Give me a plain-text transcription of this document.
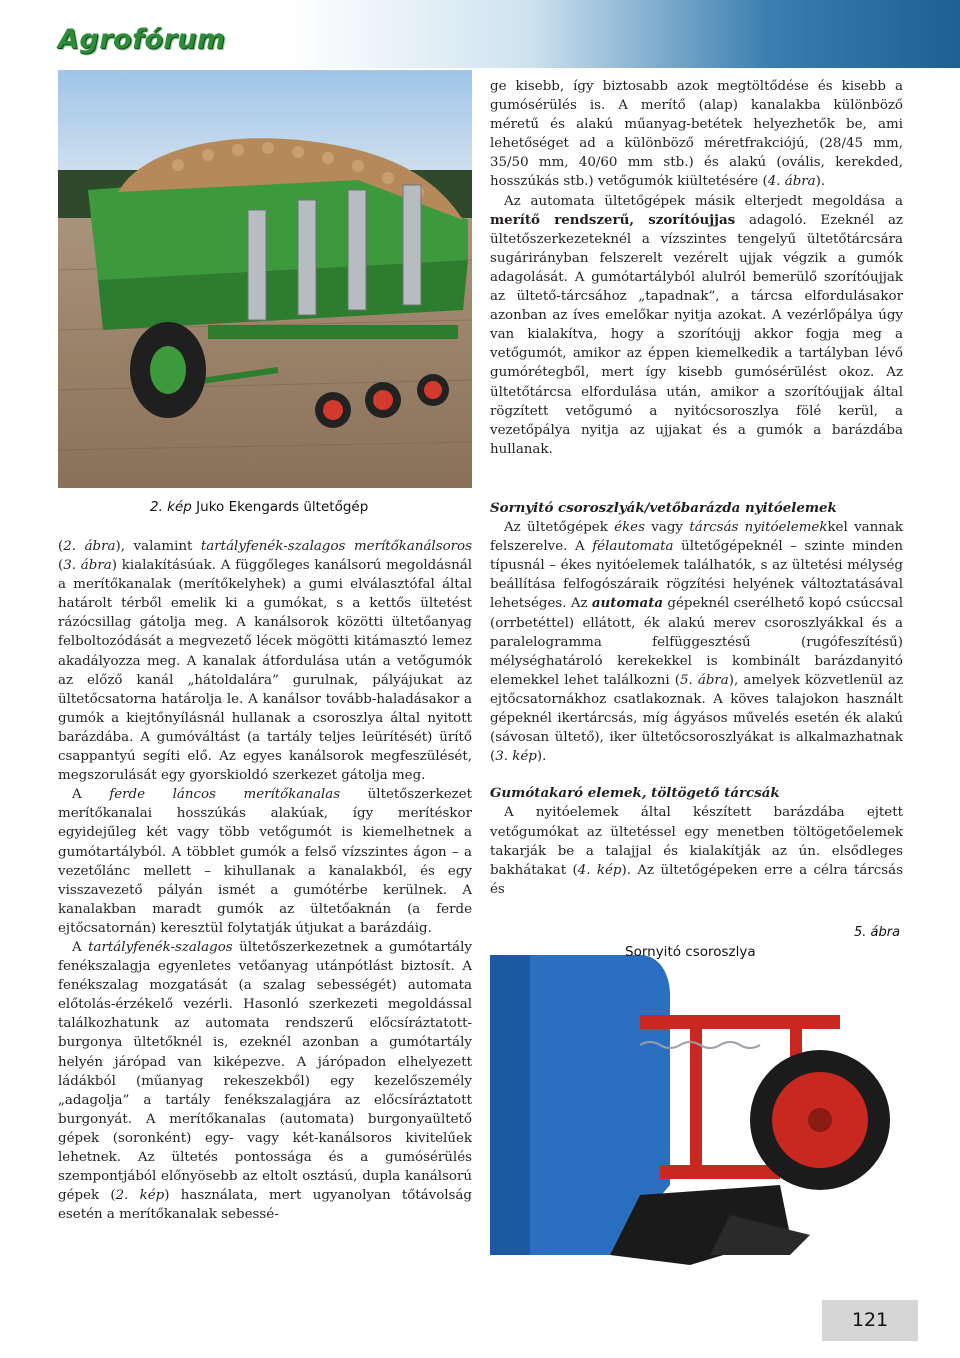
Agrofórum
2. kép Juko Ekengards ültetőgép

(2. ábra), valamint tartályfenék-szalagos merítőkanálsoros (3. ábra) kialakításúak. A függőleges kanálsorú megoldásnál a merítőkanalak (merítőkelyhek) a gumi elválasztófal által határolt térből emelik ki a gumókat, s a kettős ültetést rázócsillag gátolja meg. A kanálsorok közötti ültetőanyag felboltozódását a megvezető lécek mögötti kitámasztó lemez akadályozza meg. A kanalak átfordulása után a vetőgumók az előző kanál „hátoldalára” gurulnak, pályájukat az ültetőcsatorna határolja le. A kanálsor tovább-haladásakor a gumók a kiejtőnyílásnál hullanak a csoroszlya által nyitott barázdába. A gumóváltást (a tartály teljes leürítését) ürítő csappantyú segíti elő. Az egyes kanálsorok megfeszülését, megszorulását egy gyorskioldó szerkezet gátolja meg.

A ferde láncos merítőkanalas ültetőszerkezet merítőkanalai hosszúkás alakúak, így merítéskor egyidejűleg két vagy több vetőgumót is kiemelhetnek a gumótartályból. A többlet gumók a felső vízszintes ágon – a vezetőlánc mellett – kihullanak a kanalakból, és egy visszavezető pályán ismét a gumótérbe kerülnek. A kanalakban maradt gumók az ültetőaknán (a ferde ejtőcsatornán) keresztül folytatják útjukat a barázdáig.

A tartályfenék-szalagos ültetőszerkezetnek a gumótartály fenékszalagja egyenletes vetőanyag utánpótlást biztosít. A fenékszalag mozgatását (a szalag sebességét) automata előtolás-érzékelő vezérli. Hasonló szerkezeti megoldással találkozhatunk az automata rendszerű előcsíráztatott-burgonya ültetőknél is, ezeknél azonban a gumótartály helyén járópad van kiképezve. A járópadon elhelyezett ládákból (műanyag rekeszekből) egy kezelőszemély „adagolja” a tartály fenékszalagjára az előcsíráztatott burgonyát. A merítőkanalas (automata) burgonyaültető gépek (soronként) egy- vagy két-kanálsoros kivitelűek lehetnek. Az ültetés pontossága és a gumósérülés szempontjából előnyösebb az eltolt osztású, dupla kanálsorú gépek (2. kép) használata, mert ugyanolyan tőtávolság esetén a merítőkanalak sebessé-

ge kisebb, így biztosabb azok megtöltődése és kisebb a gumósérülés is. A merítő (alap) kanalakba különböző méretű és alakú műanyag-betétek helyezhetők be, ami lehetőséget ad a különböző méretfrakciójú, (28/45 mm, 35/50 mm, 40/60 mm stb.) és alakú (ovális, kerekded, hosszúkás stb.) vetőgumók kiültetésére (4. ábra).

Az automata ültetőgépek másik elterjedt megoldása a merítő rendszerű, szorítóujjas adagoló. Ezeknél az ültetőszerkezeteknél a vízszintes tengelyű ültetőtárcsára sugárirányban felszerelt vezérelt ujjak végzik a gumók adagolását. A gumótartályból alulról bemerülő szorítóujjak az ültető-tárcsához „tapadnak”, a tárcsa elfordulásakor azonban az íves emelőkar nyitja azokat. A vezérlőpálya úgy van kialakítva, hogy a szorítóujj akkor fogja meg a vetőgumót, amikor az éppen kiemelkedik a tartályban lévő gumórétegből, mert így kisebb gumósérülést okoz. Az ültetőtárcsa elfordulása után, amikor a szorítóujjak által rögzített vetőgumó a nyitócsoroszlya fölé kerül, a vezetőpálya nyitja az ujjakat és a gumók a barázdába hullanak.

Sornyitó csoroszlyák/vetőbarázda nyitóelemek

Az ültetőgépek ékes vagy tárcsás nyitóelemekkel vannak felszerelve. A félautomata ültetőgépeknél – szinte minden típusnál – ékes nyitóelemek találhatók, s az ültetési mélység beállítása felfogószáraik rögzítési helyének változtatásával lehetséges. Az automata gépeknél cserélhető kopó csúccsal (orrbetéttel) ellátott, ék alakú merev csoroszlyákkal és a paralelogramma felfüggesztésű (rugófeszítésű) mélységhatároló kerekekkel is kombinált barázdanyitó elemekkel lehet találkozni (5. ábra), amelyek közvetlenül az ejtőcsatornákhoz csatlakoznak. A köves talajokon használt gépeknél ikertárcsás, míg ágyásos művelés esetén ék alakú (sávosan ültető), iker ültetőcsoroszlyákat is alkalmazhatnak (3. kép).

Gumótakaró elemek, töltögető tárcsák

A nyitóelemek által készített barázdába ejtett vetőgumókat az ültetéssel egy menetben töltögetőelemek takarják be a talajjal és kialakítják az ún. elsődleges bakhátakat (4. kép). Az ültetőgépeken erre a célra tárcsás és

Sornyitó csoroszlya
5. ábra
121
